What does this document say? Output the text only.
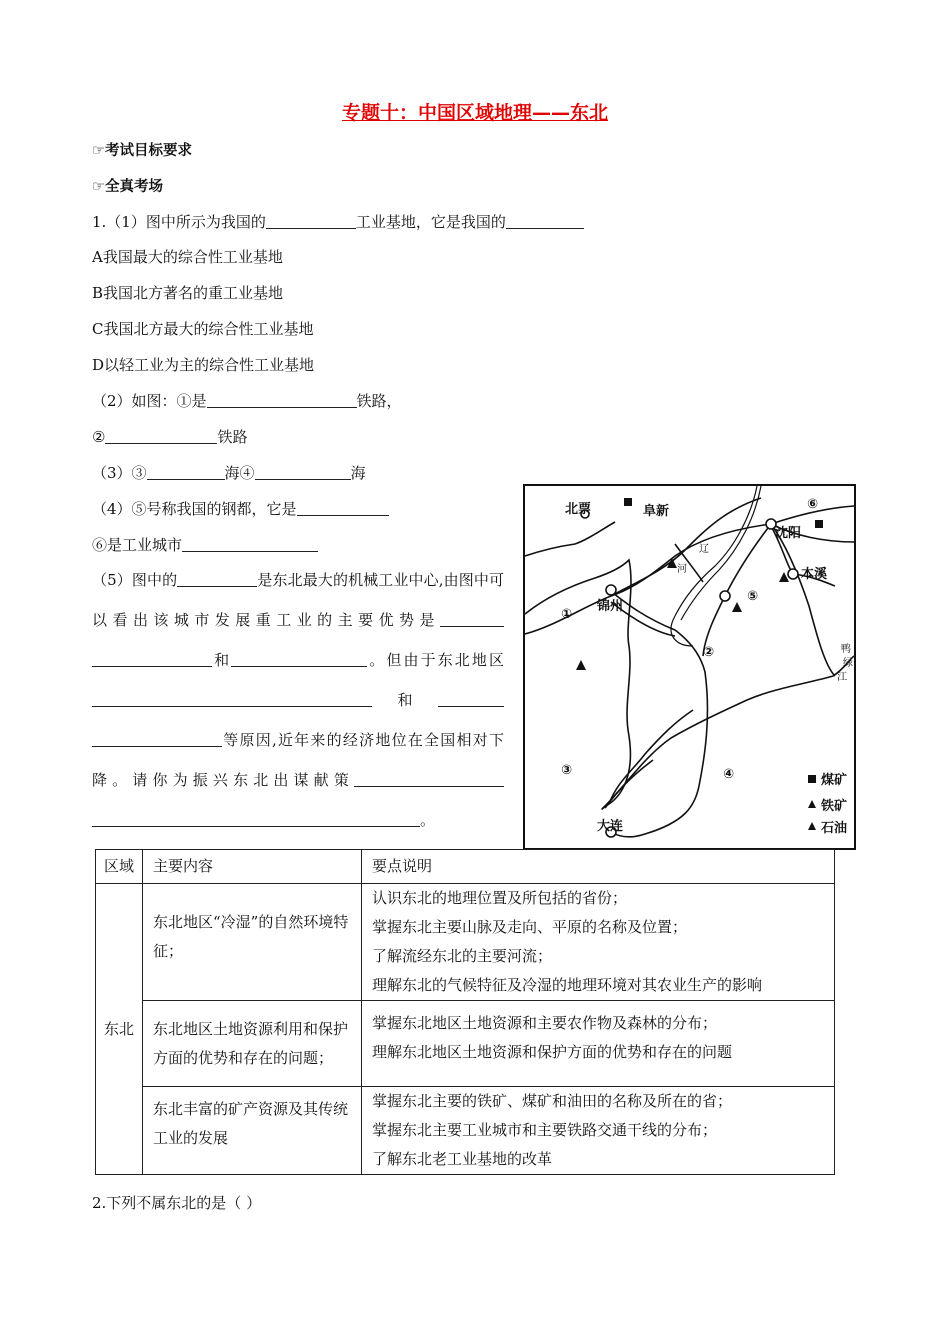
专题十：中国区域地理——东北
☞考试目标要求
☞全真考场
1.（1）图中所示为我国的	工业基地，它是我国的
A我国最大的综合性工业基地
B我国北方著名的重工业基地
C我国北方最大的综合性工业基地
D以轻工业为主的综合性工业基地
（2）如图：①是	铁路，
②	铁路
（3）③	海④	海
（4）⑤号称我国的钢都，它是
⑥是工业城市
（5）图中的	是东北最大的机械工业中心,由图中可以看出该城市发展重工业的主要优势是 和	。但由于东北地区和 等原因,近年来的经济地位在全国相对下降。请你为振兴东北出谋献策 。
北票	阜新
沈阳
本溪
锦州
大连
①
②
③	④
⑤
⑥
辽
河
鸭
绿
江
煤矿
铁矿
石油
区域	主要内容	要点说明
东北	东北地区“冷湿”的自然环境特征；	认识东北的地理位置及所包括的省份；
掌握东北主要山脉及走向、平原的名称及位置；
了解流经东北的主要河流；
理解东北的气候特征及冷湿的地理环境对其农业生产的影响

	东北地区土地资源利用和保护方面的优势和存在的问题；	掌握东北地区土地资源和主要农作物及森林的分布；
理解东北地区土地资源和保护方面的优势和存在的问题

	东北丰富的矿产资源及其传统工业的发展	掌握东北主要的铁矿、煤矿和油田的名称及所在的省；
掌握东北主要工业城市和主要铁路交通干线的分布；
了解东北老工业基地的改革
2.下列不属东北的是（ ）
